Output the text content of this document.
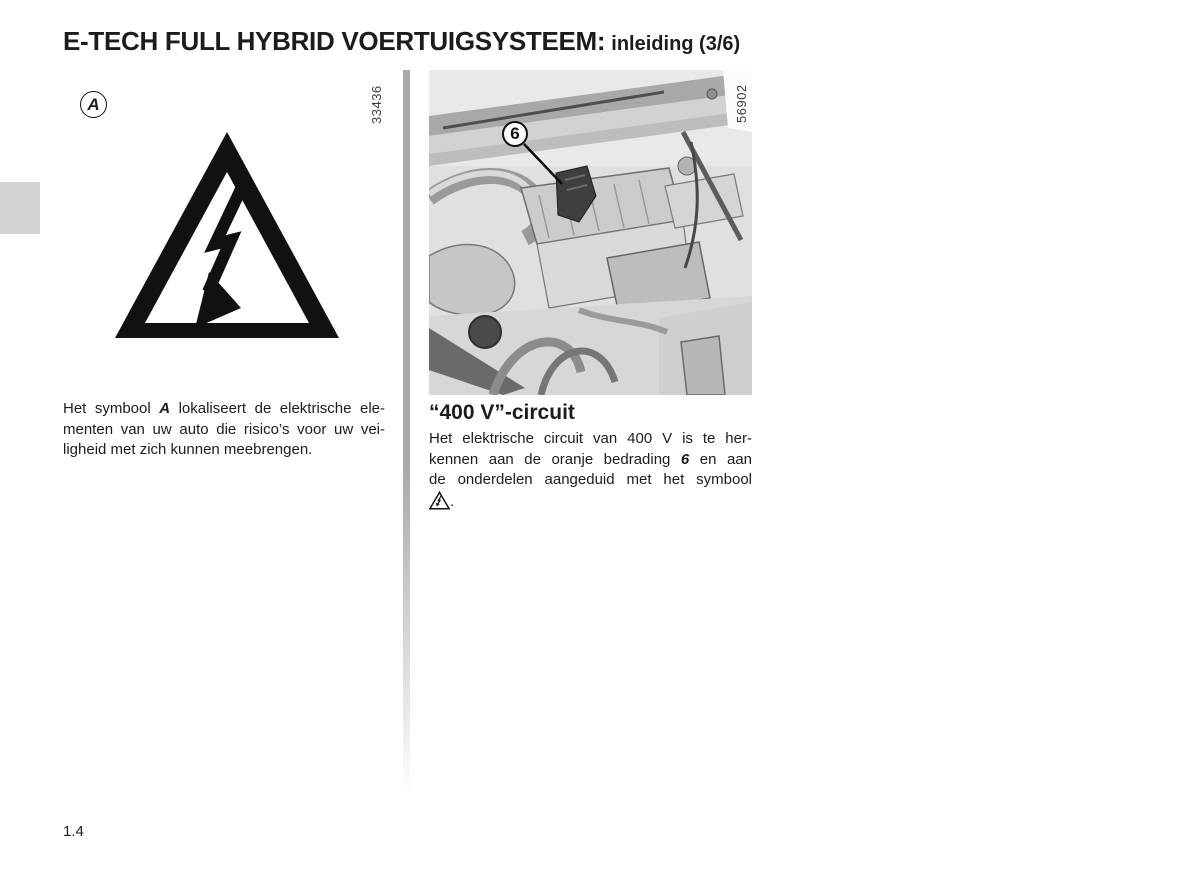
E-TECH FULL HYBRID VOERTUIGSYSTEEM: inleiding (3/6)
A	33436
Het symbool A lokaliseert de elektrische ele-
menten van uw auto die risico’s voor uw vei-
ligheid met zich kunnen meebrengen.
6
56902
“400 V”-circuit
Het elektrische circuit van 400 V is te her-
kennen aan de oranje bedrading 6 en aan
de onderdelen aangeduid met het symbool
.
1.4
